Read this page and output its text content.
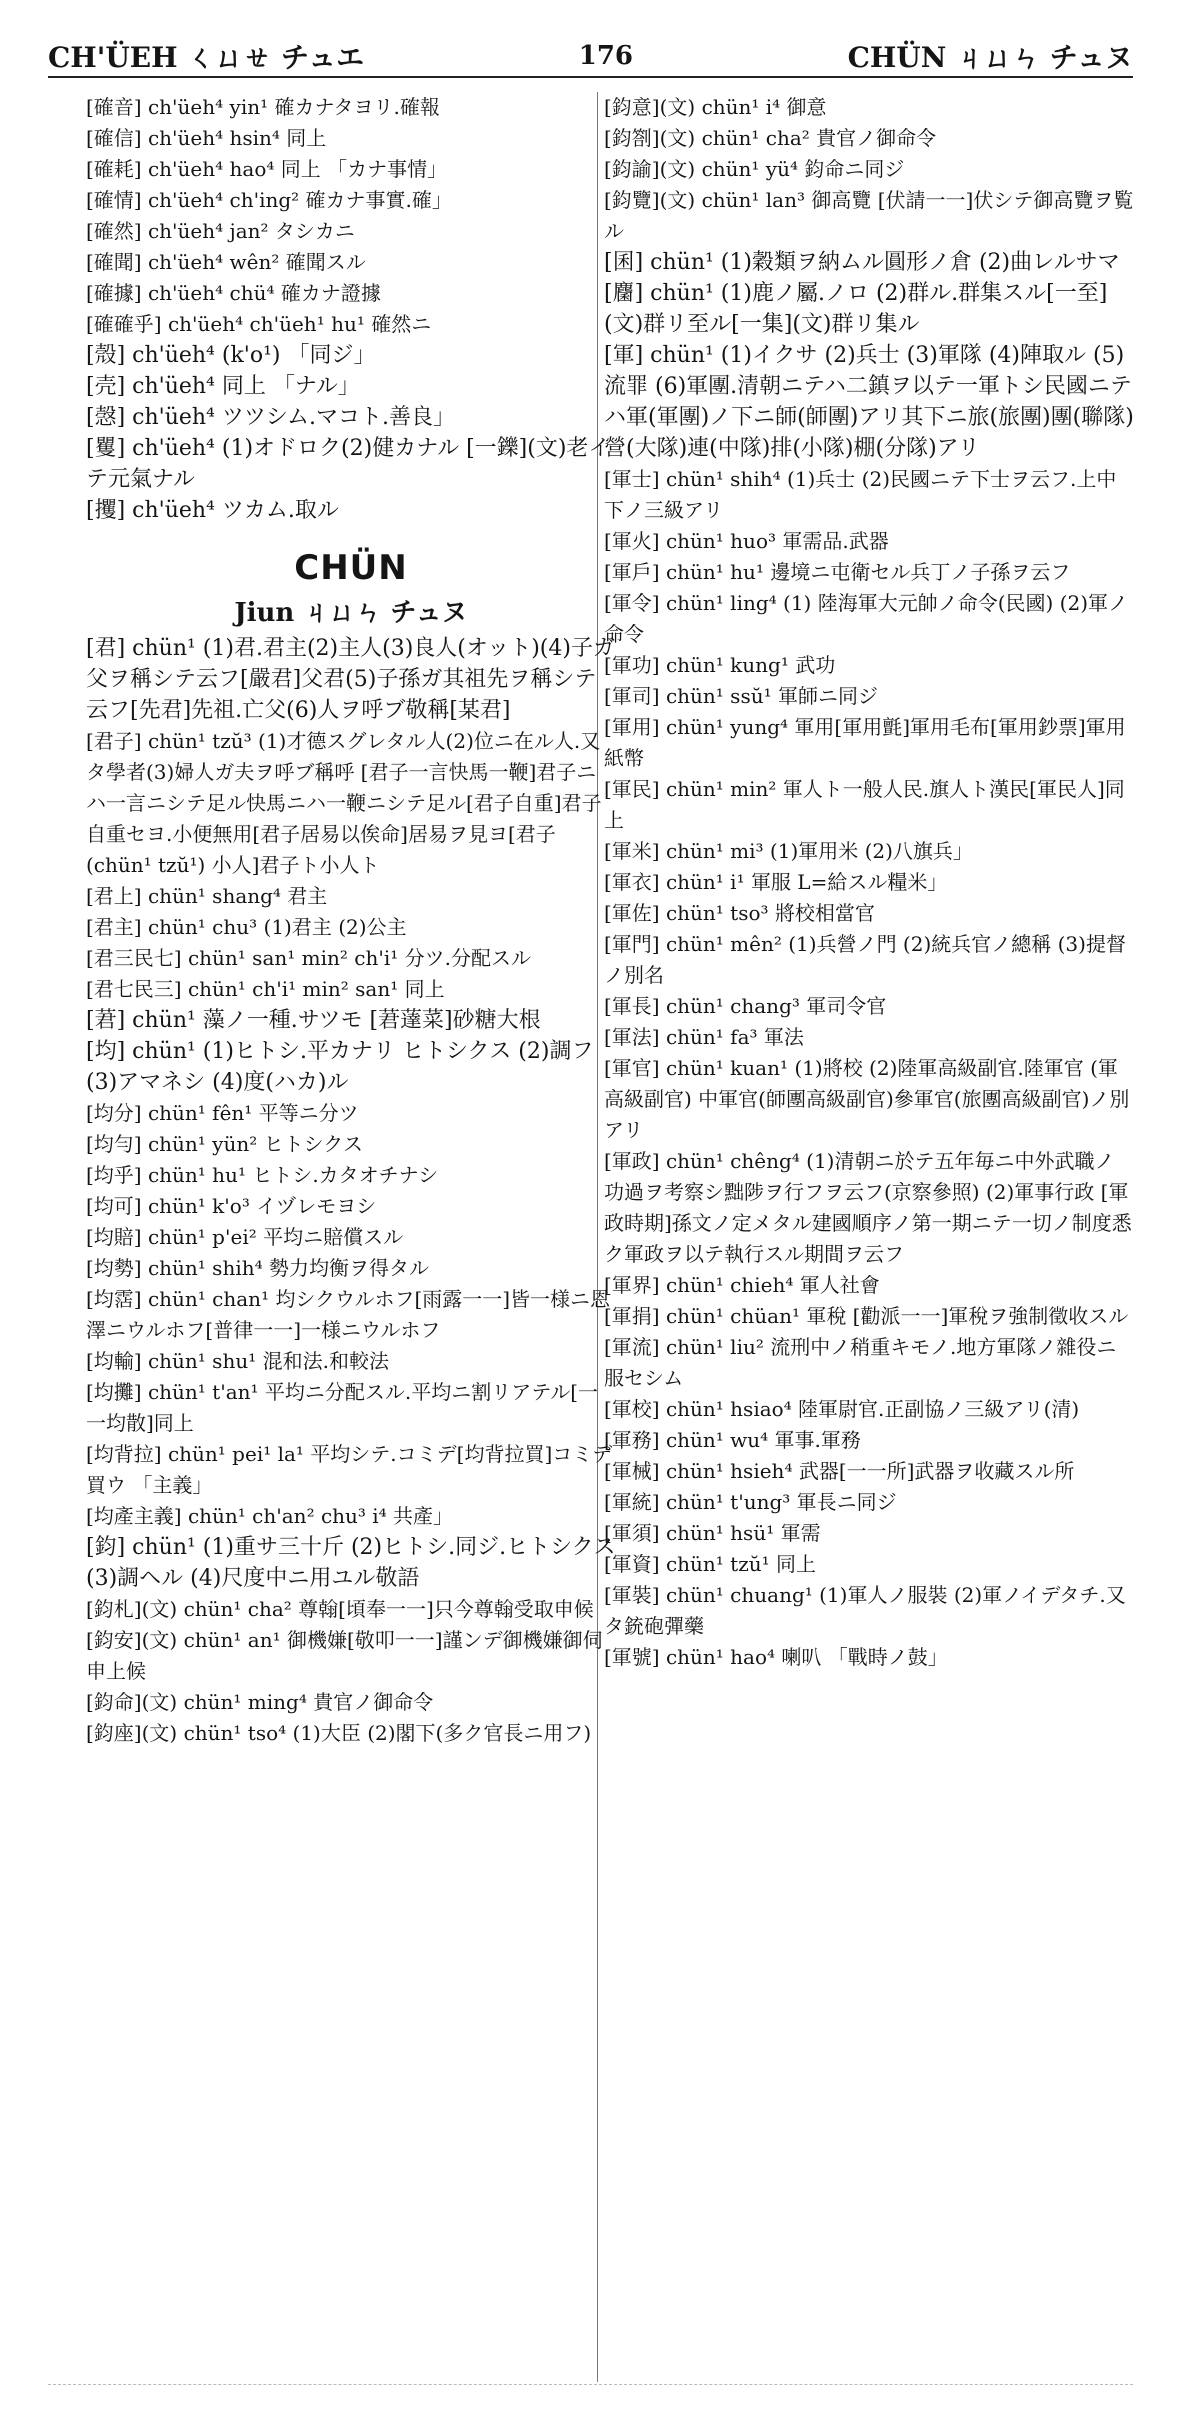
CH'ÜEH ㄑㄩㄝ チュエ	176	CHÜN ㄐㄩㄣ チュヌ

[確音] ch'üeh⁴ yin¹ 確カナタヨリ.確報

[確信] ch'üeh⁴ hsin⁴ 同上

[確耗] ch'üeh⁴ hao⁴ 同上 「カナ事情」

[確情] ch'üeh⁴ ch'ing² 確カナ事實.確」

[確然] ch'üeh⁴ jan² タシカニ

[確聞] ch'üeh⁴ wên² 確聞スル

[確據] ch'üeh⁴ chü⁴ 確カナ證據

[確確乎] ch'üeh⁴ ch'üeh¹ hu¹ 確然ニ

[殼] ch'üeh⁴ (k'o¹) 「同ジ」

[壳] ch'üeh⁴ 同上 「ナル」

[愨] ch'üeh⁴ ツツシム.マコト.善良」

[矍] ch'üeh⁴ (1)オドロク(2)健カナル [一鑠](文)老イテ元氣ナル

[攫] ch'üeh⁴ ツカム.取ル

CHÜN
Jiun ㄐㄩㄣ チュヌ

[君] chün¹ (1)君.君主(2)主人(3)良人(オット)(4)子ガ父ヲ稱シテ云フ[嚴君]父君(5)子孫ガ其祖先ヲ稱シテ云フ[先君]先祖.亡父(6)人ヲ呼ブ敬稱[某君]

[君子] chün¹ tzŭ³ (1)才德スグレタル人(2)位ニ在ル人.又タ學者(3)婦人ガ夫ヲ呼ブ稱呼 [君子一言快馬一鞭]君子ニハ一言ニシテ足ル快馬ニハ一鞭ニシテ足ル[君子自重]君子自重セヨ.小便無用[君子居易以俟命]居易ヲ見ヨ[君子 (chün¹ tzŭ¹) 小人]君子ト小人ト

[君上] chün¹ shang⁴ 君主

[君主] chün¹ chu³ (1)君主 (2)公主

[君三民七] chün¹ san¹ min² ch'i¹ 分ツ.分配スル

[君七民三] chün¹ ch'i¹ min² san¹ 同上

[莙] chün¹ 藻ノ一種.サツモ [莙薘菜]砂糖大根

[均] chün¹ (1)ヒトシ.平カナリ ヒトシクス (2)調フ (3)アマネシ (4)度(ハカ)ル

[均分] chün¹ fên¹ 平等ニ分ツ

[均勻] chün¹ yün² ヒトシクス

[均乎] chün¹ hu¹ ヒトシ.カタオチナシ

[均可] chün¹ k'o³ イヅレモヨシ

[均賠] chün¹ p'ei² 平均ニ賠償スル

[均勢] chün¹ shih⁴ 勢力均衡ヲ得タル

[均霑] chün¹ chan¹ 均シクウルホフ[雨露一一]皆一様ニ恩澤ニウルホフ[普律一一]一様ニウルホフ

[均輸] chün¹ shu¹ 混和法.和較法

[均攤] chün¹ t'an¹ 平均ニ分配スル.平均ニ割リアテル[一一均散]同上

[均背拉] chün¹ pei¹ la¹ 平均シテ.コミデ[均背拉買]コミデ買ウ 「主義」

[均產主義] chün¹ ch'an² chu³ i⁴ 共產」

[鈞] chün¹ (1)重サ三十斤 (2)ヒトシ.同ジ.ヒトシクス (3)調ヘル (4)尺度中ニ用ユル敬語

[鈞札](文) chün¹ cha² 尊翰[頃奉一一]只今尊翰受取申候

[鈞安](文) chün¹ an¹ 御機嫌[敬叩一一]謹ンデ御機嫌御伺申上候

[鈞命](文) chün¹ ming⁴ 貴官ノ御命令

[鈞座](文) chün¹ tso⁴ (1)大臣 (2)閣下(多ク官長ニ用フ)

[鈞意](文) chün¹ i⁴ 御意

[鈞劄](文) chün¹ cha² 貴官ノ御命令

[鈞諭](文) chün¹ yü⁴ 鈞命ニ同ジ

[鈞覽](文) chün¹ lan³ 御高覽 [伏請一一]伏シテ御高覽ヲ覧ル

[囷] chün¹ (1)穀類ヲ納ムル圓形ノ倉 (2)曲レルサマ

[麕] chün¹ (1)鹿ノ屬.ノロ (2)群ル.群集スル[一至](文)群リ至ル[一集](文)群リ集ル

[軍] chün¹ (1)イクサ (2)兵士 (3)軍隊 (4)陣取ル (5)流罪 (6)軍團.清朝ニテハ二鎮ヲ以テ一軍トシ民國ニテハ軍(軍團)ノ下ニ師(師團)アリ其下ニ旅(旅團)團(聯隊)營(大隊)連(中隊)排(小隊)棚(分隊)アリ

[軍士] chün¹ shih⁴ (1)兵士 (2)民國ニテ下士ヲ云フ.上中下ノ三級アリ

[軍火] chün¹ huo³ 軍需品.武器

[軍戶] chün¹ hu¹ 邊境ニ屯衛セル兵丁ノ子孫ヲ云フ

[軍令] chün¹ ling⁴ (1) 陸海軍大元帥ノ命令(民國) (2)軍ノ命令

[軍功] chün¹ kung¹ 武功

[軍司] chün¹ ssŭ¹ 軍師ニ同ジ

[軍用] chün¹ yung⁴ 軍用[軍用氈]軍用毛布[軍用鈔票]軍用紙幣

[軍民] chün¹ min² 軍人ト一般人民.旗人ト漢民[軍民人]同上

[軍米] chün¹ mi³ (1)軍用米 (2)八旗兵」

[軍衣] chün¹ i¹ 軍服 L=給スル糧米」

[軍佐] chün¹ tso³ 將校相當官

[軍門] chün¹ mên² (1)兵營ノ門 (2)統兵官ノ總稱 (3)提督ノ別名

[軍長] chün¹ chang³ 軍司令官

[軍法] chün¹ fa³ 軍法

[軍官] chün¹ kuan¹ (1)將校 (2)陸軍高級副官.陸軍官 (軍高級副官) 中軍官(師團高級副官)參軍官(旅團高級副官)ノ別アリ

[軍政] chün¹ chêng⁴ (1)清朝ニ於テ五年毎ニ中外武職ノ功過ヲ考察シ黜陟ヲ行フヲ云フ(京察參照) (2)軍事行政 [軍政時期]孫文ノ定メタル建國順序ノ第一期ニテ一切ノ制度悉ク軍政ヲ以テ執行スル期間ヲ云フ

[軍界] chün¹ chieh⁴ 軍人社會

[軍捐] chün¹ chüan¹ 軍稅 [勸派一一]軍稅ヲ強制徵收スル

[軍流] chün¹ liu² 流刑中ノ稍重キモノ.地方軍隊ノ雜役ニ服セシム

[軍校] chün¹ hsiao⁴ 陸軍尉官.正副協ノ三級アリ(清)

[軍務] chün¹ wu⁴ 軍事.軍務

[軍械] chün¹ hsieh⁴ 武器[一一所]武器ヲ收藏スル所

[軍統] chün¹ t'ung³ 軍長ニ同ジ

[軍須] chün¹ hsü¹ 軍需

[軍資] chün¹ tzŭ¹ 同上

[軍裝] chün¹ chuang¹ (1)軍人ノ服裝 (2)軍ノイデタチ.又タ銃砲彈藥

[軍號] chün¹ hao⁴ 喇叭 「戰時ノ鼓」
